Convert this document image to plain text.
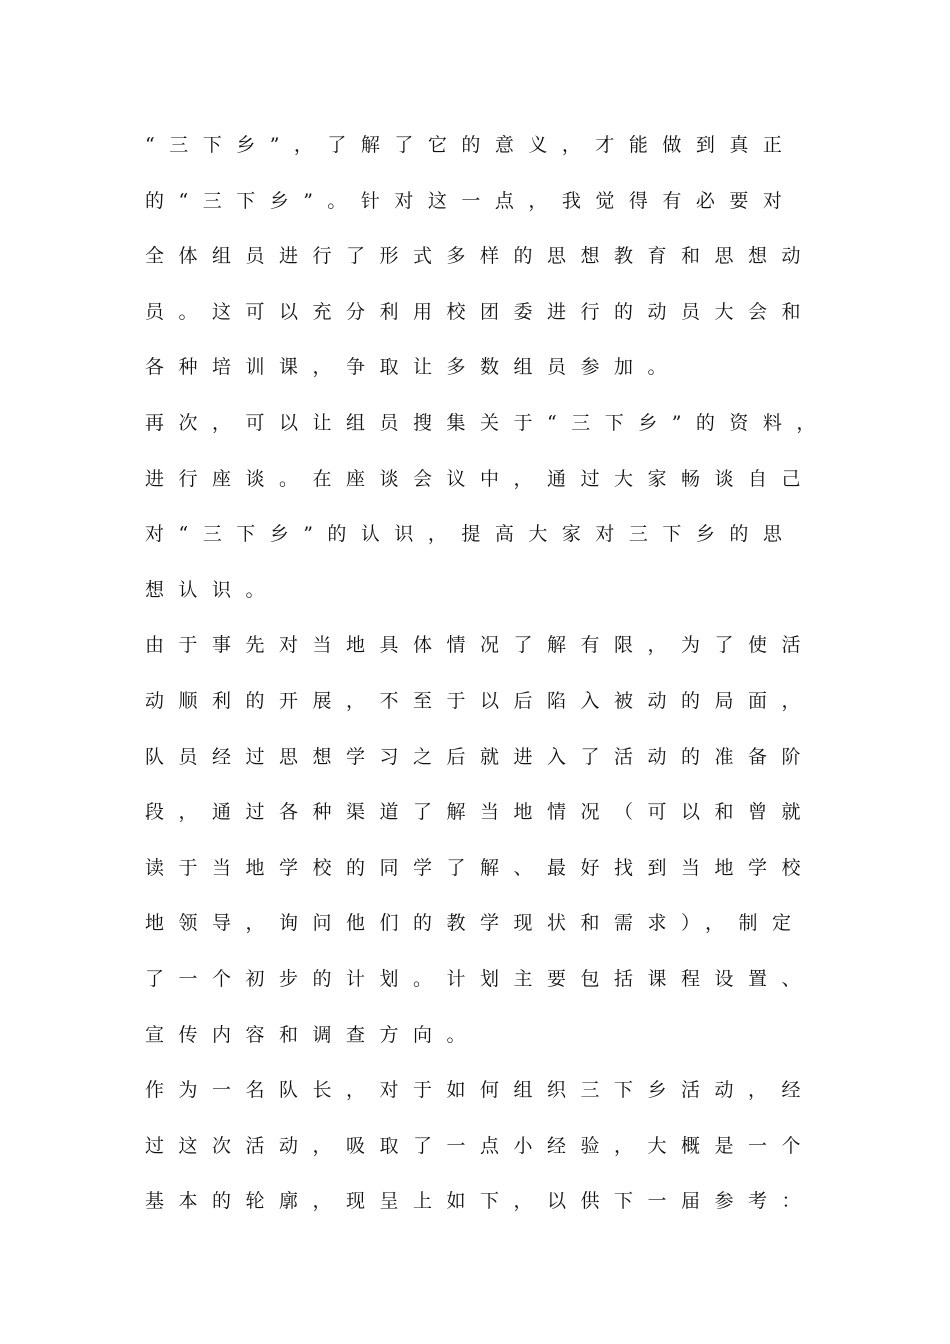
“三下乡”，了解了它的意义，才能做到真正
的“三下乡”。针对这一点，我觉得有必要对
全体组员进行了形式多样的思想教育和思想动
员。这可以充分利用校团委进行的动员大会和
各种培训课，争取让多数组员参加。
再次，可以让组员搜集关于“三下乡”的资料，
进行座谈。在座谈会议中，通过大家畅谈自己
对“三下乡”的认识，提高大家对三下乡的思
想认识。
由于事先对当地具体情况了解有限，为了使活
动顺利的开展，不至于以后陷入被动的局面，
队员经过思想学习之后就进入了活动的准备阶
段，通过各种渠道了解当地情况（可以和曾就
读于当地学校的同学了解、最好找到当地学校
地领导，询问他们的教学现状和需求），制定
了一个初步的计划。计划主要包括课程设置、
宣传内容和调查方向。
作为一名队长，对于如何组织三下乡活动，经
过这次活动，吸取了一点小经验，大概是一个
基本的轮廓，现呈上如下，以供下一届参考：
